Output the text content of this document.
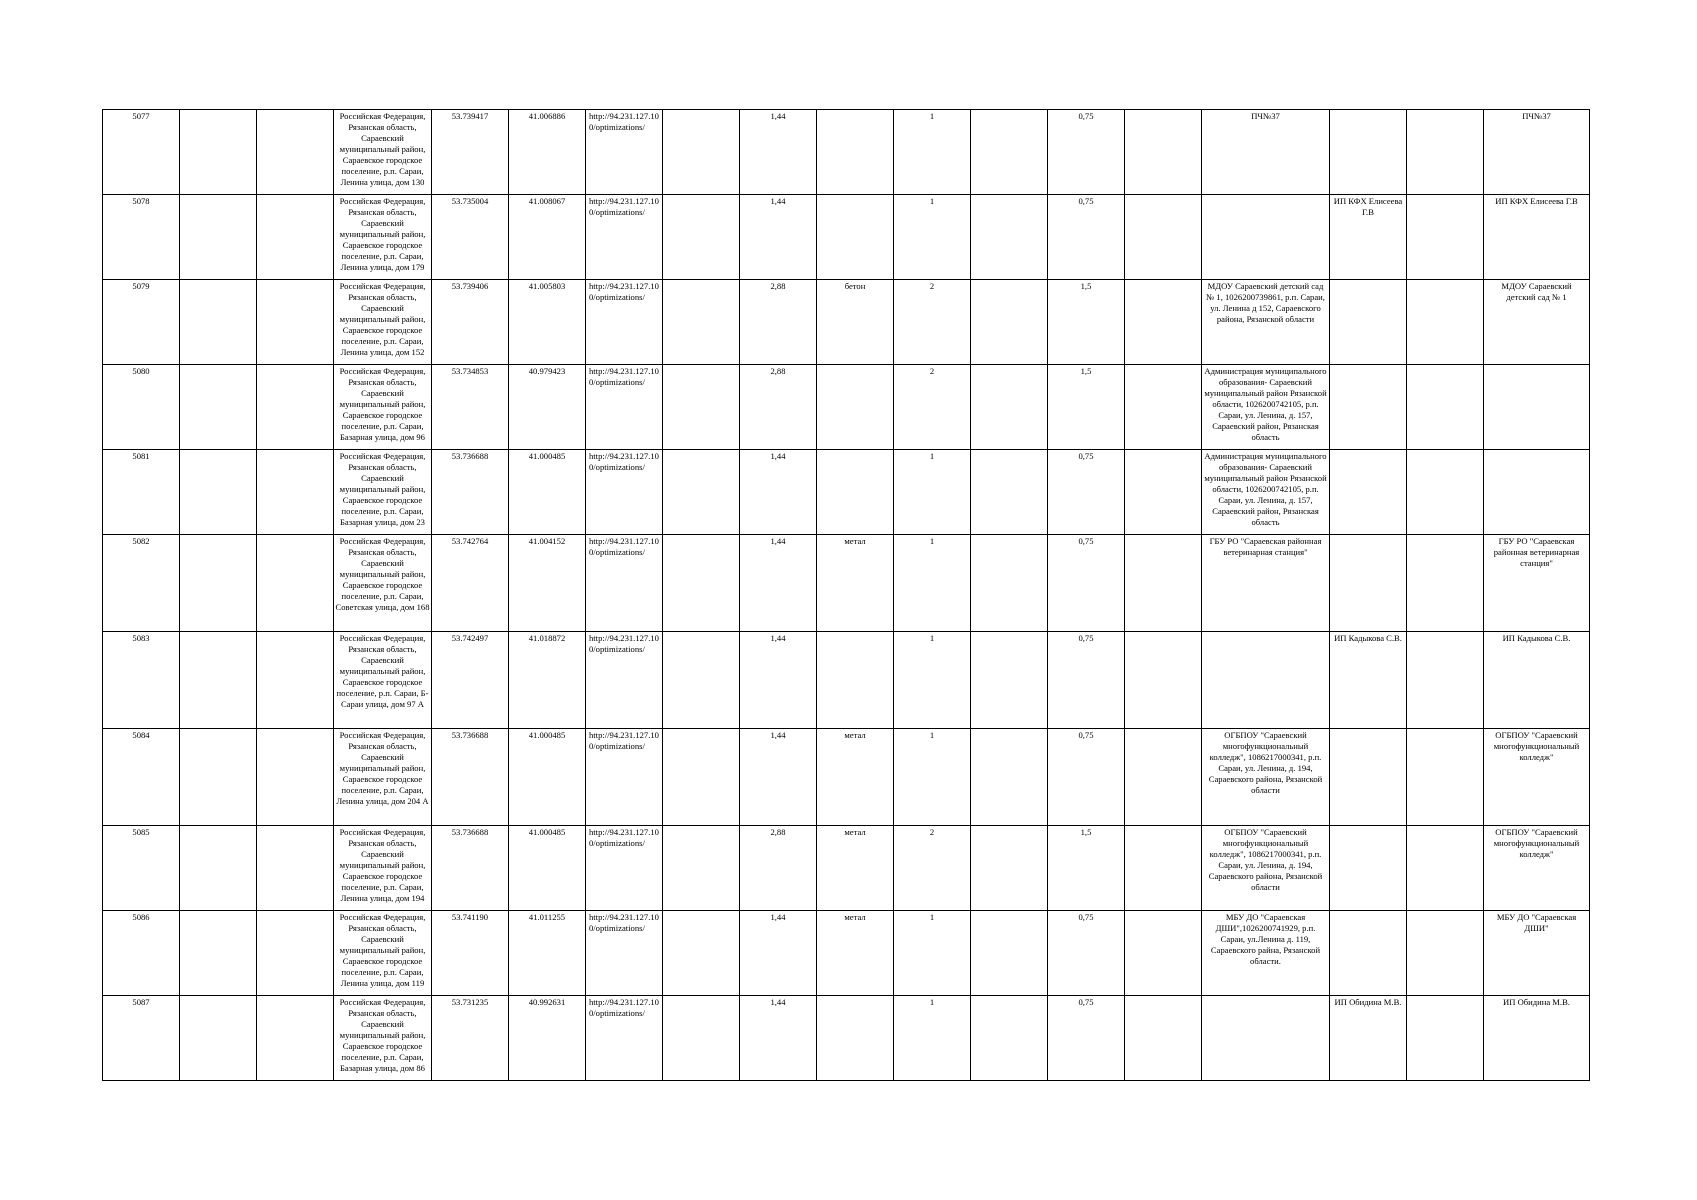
5077			Российская Федерация, Рязанская область, Сараевский муниципальный район, Сараевское городское поселение, р.п. Сараи, Ленина улица, дом 130	53.739417	41.006886	http://94.231.127.10 0/optimizations/		1,44		1		0,75		ПЧ№37			ПЧ№37
5078			Российская Федерация, Рязанская область, Сараевский муниципальный район, Сараевское городское поселение, р.п. Сараи, Ленина улица, дом 179	53.735004	41.008067	http://94.231.127.10 0/optimizations/		1,44		1		0,75			ИП КФХ Елисеева Г.В		ИП КФХ Елисеева Г.В
5079			Российская Федерация, Рязанская область, Сараевский муниципальный район, Сараевское городское поселение, р.п. Сараи, Ленина улица, дом 152	53.739406	41.005803	http://94.231.127.10 0/optimizations/		2,88	бетон	2		1,5		МДОУ Сараевский детский сад № 1, 1026200739861, р.п. Сараи, ул. Ленина д 152, Сараевского района, Рязанской области			МДОУ Сараевский детский сад № 1
5080			Российская Федерация, Рязанская область, Сараевский муниципальный район, Сараевское городское поселение, р.п. Сараи, Базарная улица, дом 96	53.734853	40.979423	http://94.231.127.10 0/optimizations/		2,88		2		1,5		Администрация муниципального образования- Сараевский муниципальный район Рязанской области, 1026200742105, р.п. Сараи, ул. Ленина, д. 157, Сараевский район, Рязанская область			
5081			Российская Федерация, Рязанская область, Сараевский муниципальный район, Сараевское городское поселение, р.п. Сараи, Базарная улица, дом 23	53.736688	41.000485	http://94.231.127.10 0/optimizations/		1,44		1		0,75		Администрация муниципального образования- Сараевский муниципальный район Рязанской области, 1026200742105, р.п. Сараи, ул. Ленина, д. 157, Сараевский район, Рязанская область			
5082			Российская Федерация, Рязанская область, Сараевский муниципальный район, Сараевское городское поселение, р.п. Сараи, Советская улица, дом 168	53.742764	41.004152	http://94.231.127.10 0/optimizations/		1,44	метал	1		0,75		ГБУ РО "Сараевская районная ветеринарная станция"			ГБУ РО "Сараевская районная ветеринарная станция"
5083			Российская Федерация, Рязанская область, Сараевский муниципальный район, Сараевское городское поселение, р.п. Сараи, Б-Сараи улица, дом 97 А	53.742497	41.018872	http://94.231.127.10 0/optimizations/		1,44		1		0,75			ИП Кадыкова С.В.		ИП Кадыкова С.В.
5084			Российская Федерация, Рязанская область, Сараевский муниципальный район, Сараевское городское поселение, р.п. Сараи, Ленина улица, дом 204 А	53.736688	41.000485	http://94.231.127.10 0/optimizations/		1,44	метал	1		0,75		ОГБПОУ "Сараевский многофункциональный колледж", 1086217000341, р.п. Сараи, ул. Ленина, д. 194, Сараевского района, Рязанской области			ОГБПОУ "Сараевский многофункциональный колледж"
5085			Российская Федерация, Рязанская область, Сараевский муниципальный район, Сараевское городское поселение, р.п. Сараи, Ленина улица, дом 194	53.736688	41.000485	http://94.231.127.10 0/optimizations/		2,88	метал	2		1,5		ОГБПОУ "Сараевский многофункциональный колледж", 1086217000341, р.п. Сараи, ул. Ленина, д. 194, Сараевского района, Рязанской области			ОГБПОУ "Сараевский многофункциональный колледж"
5086			Российская Федерация, Рязанская область, Сараевский муниципальный район, Сараевское городское поселение, р.п. Сараи, Ленина улица, дом 119	53.741190	41.011255	http://94.231.127.10 0/optimizations/		1,44	метал	1		0,75		МБУ ДО "Сараевская ДШИ",1026200741929, р.п. Сараи, ул.Ленина д. 119, Сараевского райна, Рязанской области.			МБУ ДО "Сараевская ДШИ"
5087			Российская Федерация, Рязанская область, Сараевский муниципальный район, Сараевское городское поселение, р.п. Сараи, Базарная улица, дом 86	53.731235	40.992631	http://94.231.127.10 0/optimizations/		1,44		1		0,75			ИП Обидина М.В.		ИП Обидина М.В.
